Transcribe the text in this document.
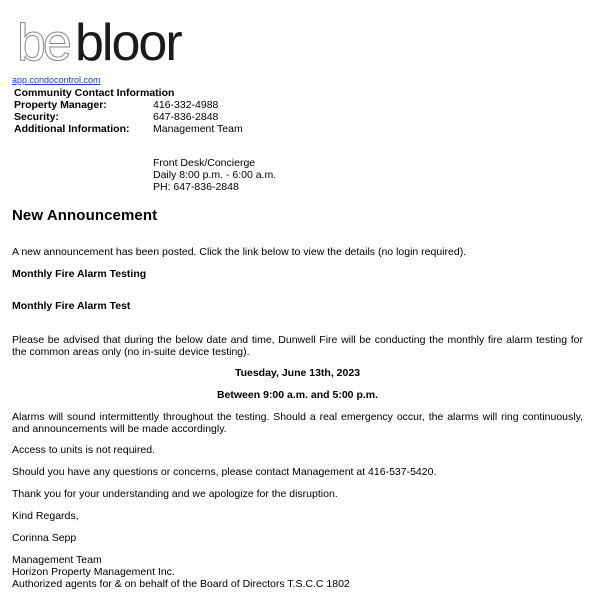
be bloor
app.condocontrol.com
Community Contact Information
Property Manager:	416-332-4988
Security:	647-836-2848
Additional Information:	Management Team
Front Desk/Concierge
Daily 8:00 p.m. - 6:00 a.m.
PH: 647-836-2848
New Announcement

A new announcement has been posted. Click the link below to view the details (no login required).

Monthly Fire Alarm Testing

Monthly Fire Alarm Test

Please be advised that during the below date and time, Dunwell Fire will be conducting the monthly fire alarm testing for the common areas only (no in-suite device testing).

Tuesday, June 13th, 2023

Between 9:00 a.m. and 5:00 p.m.

Alarms will sound intermittently throughout the testing. Should a real emergency occur, the alarms will ring continuously, and announcements will be made accordingly.

Access to units is not required.

Should you have any questions or concerns, please contact Management at 416-537-5420.

Thank you for your understanding and we apologize for the disruption.

Kind Regards,

Corinna Sepp

Management Team
Horizon Property Management Inc.
Authorized agents for & on behalf of the Board of Directors T.S.C.C 1802
